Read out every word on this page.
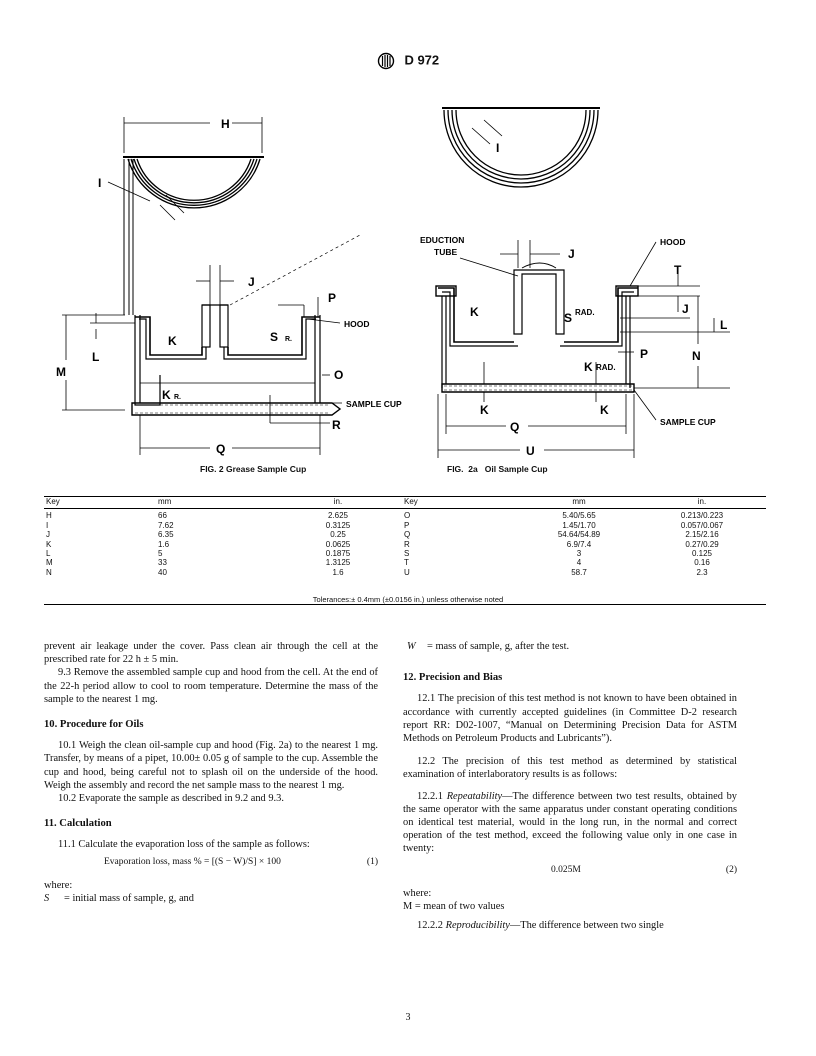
D 972
H
I
J
P
HOOD
K	S R.
L
M	O
K R.
SAMPLE CUP
R
Q
FIG. 2 Grease Sample Cup
I
EDUCTION
TUBE	J
HOOD
T
J
K	S RAD.
L
K RAD.
P	N
K	K
Q	SAMPLE CUP
U
FIG.  2a   Oil Sample Cup
Key	mm	in.	Key	mm	in.
H	66	2.625	O	5.40/5.65	0.213/0.223
I	7.62	0.3125	P	1.45/1.70	0.057/0.067
J	6.35	0.25	Q	54.64/54.89	2.15/2.16
K	1.6	0.0625	R	6.9/7.4	0.27/0.29
L	5	0.1875	S	3	0.125
M	33	1.3125	T	4	0.16
N	40	1.6	U	58.7	2.3
Tolerances:± 0.4mm (±0.0156 in.) unless otherwise noted

prevent air leakage under the cover. Pass clean air through the cell at the prescribed rate for 22 h ± 5 min.

9.3 Remove the assembled sample cup and hood from the cell. At the end of the 22-h period allow to cool to room temperature. Determine the mass of the sample to the nearest 1 mg.

10. Procedure for Oils

10.1 Weigh the clean oil-sample cup and hood (Fig. 2a) to the nearest 1 mg. Transfer, by means of a pipet, 10.00± 0.05 g of sample to the cup. Assemble the cup and hood, being careful not to splash oil on the underside of the hood. Weigh the assembly and record the net sample mass to the nearest 1 mg.

10.2 Evaporate the sample as described in 9.2 and 9.3.

11. Calculation

11.1 Calculate the evaporation loss of the sample as follows:

Evaporation loss, mass % = [(S − W)/S] × 100	(1)

where:

S = initial mass of sample, g, and

W = mass of sample, g, after the test.

12. Precision and Bias

12.1 The precision of this test method is not known to have been obtained in accordance with currently accepted guidelines (in Committee D-2 research report RR: D02-1007, “Manual on Determining Precision Data for ASTM Methods on Petroleum Products and Lubricants”).

12.2 The precision of this test method as determined by statistical examination of interlaboratory results is as follows:

12.2.1 Repeatability—The difference between two test results, obtained by the same operator with the same apparatus under constant operating conditions on identical test material, would in the long run, in the normal and correct operation of the test method, exceed the following value only in one case in twenty:

0.025M	(2)

where:

M = mean of two values

12.2.2 Reproducibility—The difference between two single

3
